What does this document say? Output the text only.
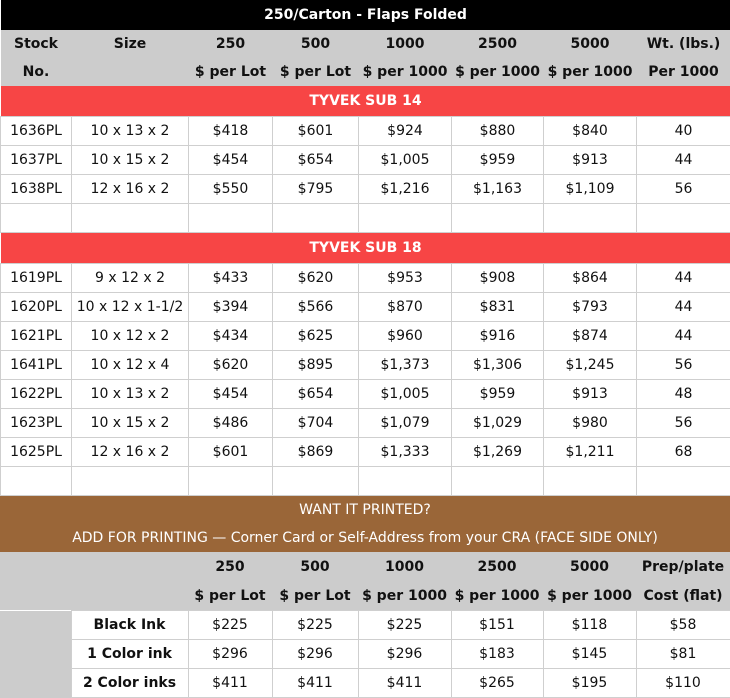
250/Carton - Flaps Folded							
Stock	Size	250	500	1000	2500	5000	Wt. (lbs.)
No.		$ per Lot	$ per Lot	$ per 1000	$ per 1000	$ per 1000	Per 1000
TYVEK SUB 14							
1636PL	10 x 13 x 2	$418	$601	$924	$880	$840	40
1637PL	10 x 15 x 2	$454	$654	$1,005	$959	$913	44
1638PL	12 x 16 x 2	$550	$795	$1,216	$1,163	$1,109	56

TYVEK SUB 18							
1619PL	9 x 12 x 2	$433	$620	$953	$908	$864	44
1620PL	10 x 12 x 1-1/2	$394	$566	$870	$831	$793	44
1621PL	10 x 12 x 2	$434	$625	$960	$916	$874	44
1641PL	10 x 12 x 4	$620	$895	$1,373	$1,306	$1,245	56
1622PL	10 x 13 x 2	$454	$654	$1,005	$959	$913	48
1623PL	10 x 15 x 2	$486	$704	$1,079	$1,029	$980	56
1625PL	12 x 16 x 2	$601	$869	$1,333	$1,269	$1,211	68

WANT IT PRINTED?
ADD FOR PRINTING — Corner Card or Self-Address from your CRA (FACE SIDE ONLY)
		250	500	1000	2500	5000	Prep/plate
		$ per Lot	$ per Lot	$ per 1000	$ per 1000	$ per 1000	Cost (flat)
	Black Ink	$225	$225	$225	$151	$118	$58
	1 Color ink	$296	$296	$296	$183	$145	$81
	2 Color inks	$411	$411	$411	$265	$195	$110
